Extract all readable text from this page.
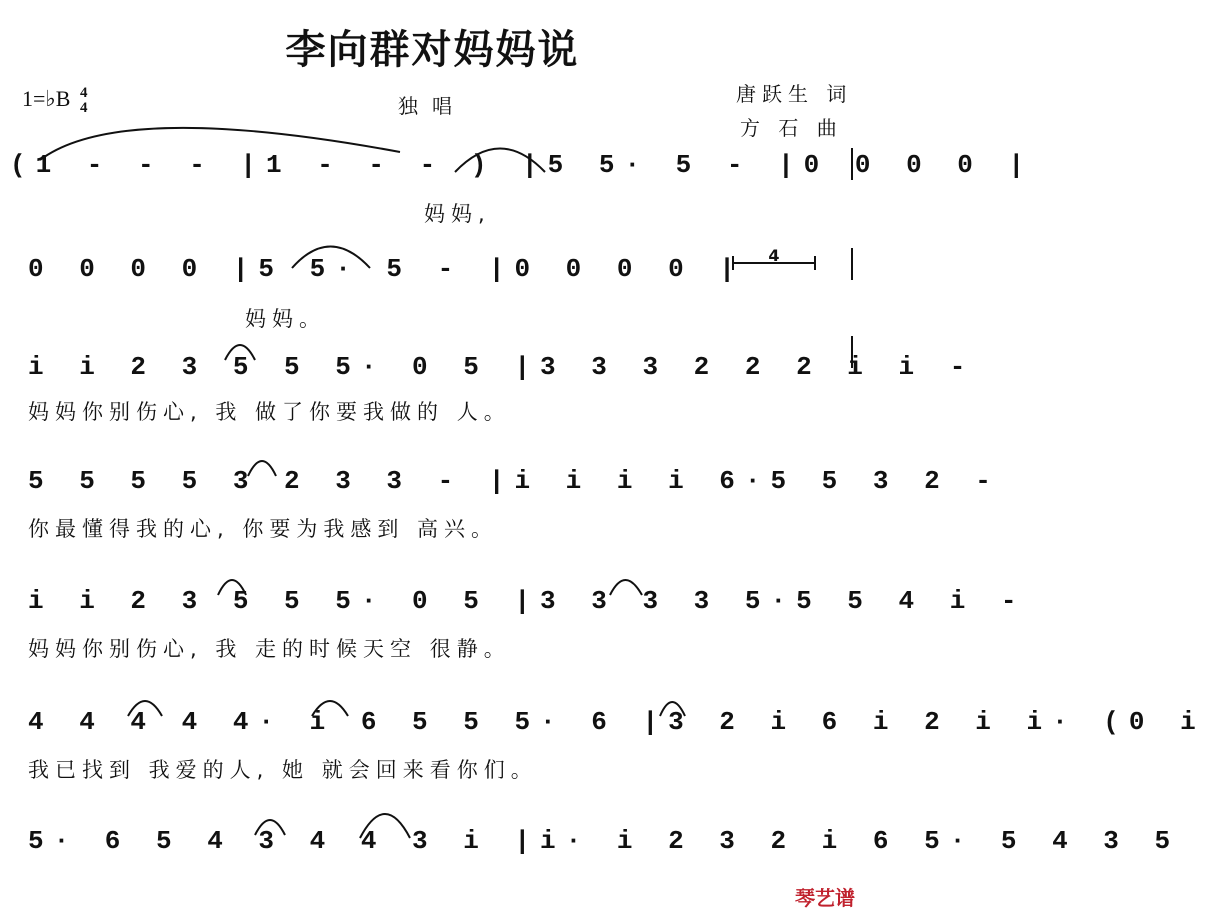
李向群对妈妈说
1=♭B 4
4	独唱	唐跃生 词
方 石 曲
(1 - - - |1 - - - ) |5 5· 5 - |0 0 0 0 |
妈妈,
0 0 0 0 |5 5· 5 - |0 0 0 0 |	4
妈妈。
i i 2 3 5 5 5· 0 5 |3 3 3 2 2 2 i i -
妈妈你别伤心, 我 做了你要我做的 人。
5 5 5 5 3 2 3 3 - |i i i i 6·5 5 3 2 -
你最懂得我的心, 你要为我感到 高兴。
i i 2 3 5 5 5· 0 5 |3 3 3 3 5·5 5 4 i -
妈妈你别伤心, 我 走的时候天空 很静。
4 4 4 4 4· i 6 5 5 5· 6 |3 2 i 6 i 2 i i· (0 i
我已找到 我爱的人, 她 就会回来看你们。
5· 6 5 4 3 4 4 3 i |i· i 2 3 2 i 6 5· 5 4 3 5
琴艺谱
